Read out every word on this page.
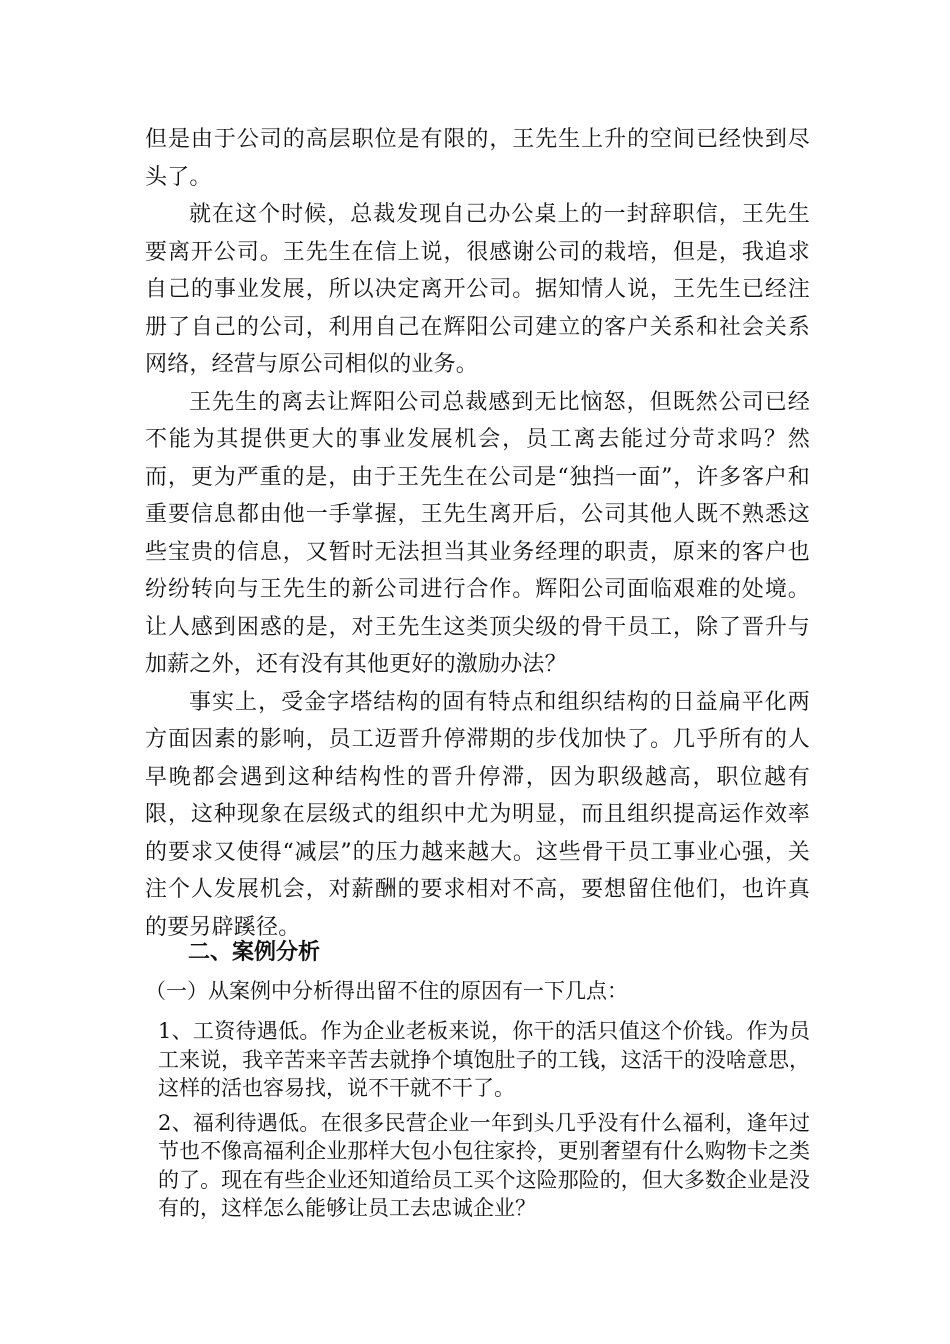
但是由于公司的高层职位是有限的，王先生上升的空间已经快到尽头了。

就在这个时候，总裁发现自己办公桌上的一封辞职信，王先生要离开公司。王先生在信上说，很感谢公司的栽培，但是，我追求自己的事业发展，所以决定离开公司。据知情人说，王先生已经注册了自己的公司，利用自己在辉阳公司建立的客户关系和社会关系网络，经营与原公司相似的业务。

王先生的离去让辉阳公司总裁感到无比恼怒，但既然公司已经不能为其提供更大的事业发展机会，员工离去能过分苛求吗？然而，更为严重的是，由于王先生在公司是“独挡一面”，许多客户和重要信息都由他一手掌握，王先生离开后，公司其他人既不熟悉这些宝贵的信息，又暂时无法担当其业务经理的职责，原来的客户也纷纷转向与王先生的新公司进行合作。辉阳公司面临艰难的处境。让人感到困惑的是，对王先生这类顶尖级的骨干员工，除了晋升与加薪之外，还有没有其他更好的激励办法？

事实上，受金字塔结构的固有特点和组织结构的日益扁平化两方面因素的影响，员工迈晋升停滞期的步伐加快了。几乎所有的人早晚都会遇到这种结构性的晋升停滞，因为职级越高，职位越有限，这种现象在层级式的组织中尤为明显，而且组织提高运作效率的要求又使得“减层”的压力越来越大。这些骨干员工事业心强，关注个人发展机会，对薪酬的要求相对不高，要想留住他们，也许真的要另辟蹊径。

二、案例分析

（一）从案例中分析得出留不住的原因有一下几点：

1、工资待遇低。作为企业老板来说，你干的活只值这个价钱。作为员工来说，我辛苦来辛苦去就挣个填饱肚子的工钱，这活干的没啥意思，这样的活也容易找，说不干就不干了。

2、福利待遇低。在很多民营企业一年到头几乎没有什么福利，逢年过节也不像高福利企业那样大包小包往家拎，更别奢望有什么购物卡之类的了。现在有些企业还知道给员工买个这险那险的，但大多数企业是没有的，这样怎么能够让员工去忠诚企业？
